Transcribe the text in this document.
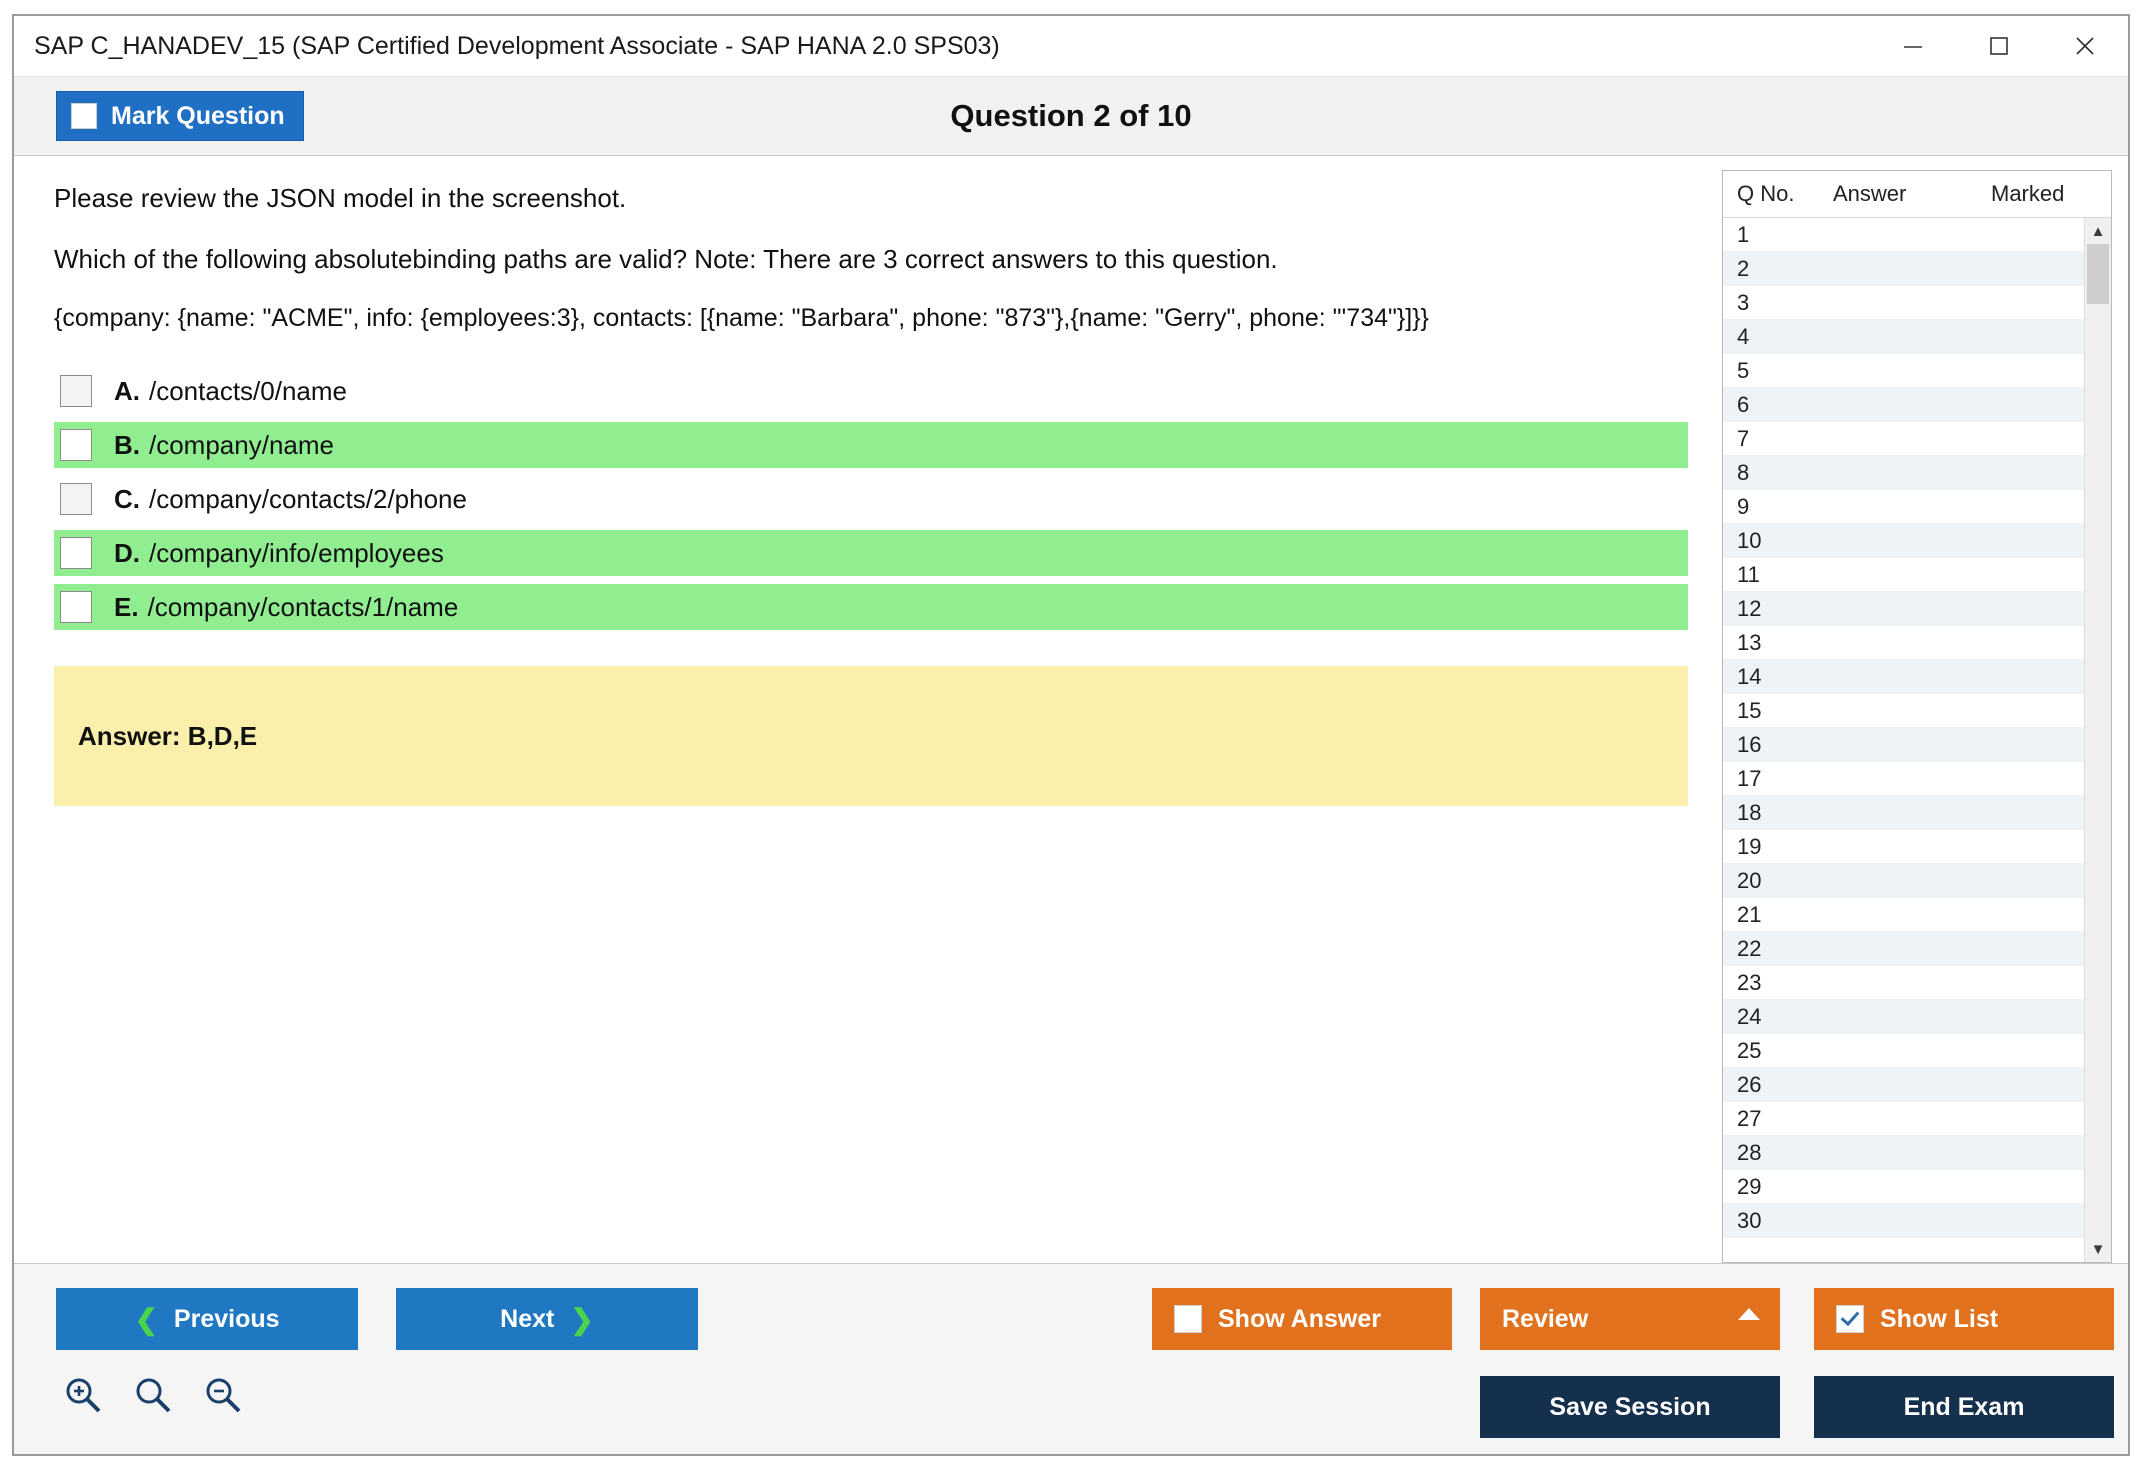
SAP C_HANADEV_15 (SAP Certified Development Associate - SAP HANA 2.0 SPS03)
Mark Question	Question 2 of 10
Please review the JSON model in the screenshot.
Which of the following absolutebinding paths are valid? Note: There are 3 correct answers to this question.
{company: {name: "ACME", info: {employees:3}, contacts: [{name: "Barbara", phone: "873"},{name: "Gerry", phone: "'734"}]}}
A. /contacts/0/name
B. /company/name
C. /company/contacts/2/phone
D. /company/info/employees
E. /company/contacts/1/name
Answer: B,D,E
Q No.	Answer	Marked
1
2
3
4
5
6
7
8
9
10
11
12
13
14
15
16
17
18
19
20
21
22
23
24
25
26
27
28
29
30
▲
▼
❮ Previous	Next ❯	Show Answer	Review	Show List
Save Session	End Exam
